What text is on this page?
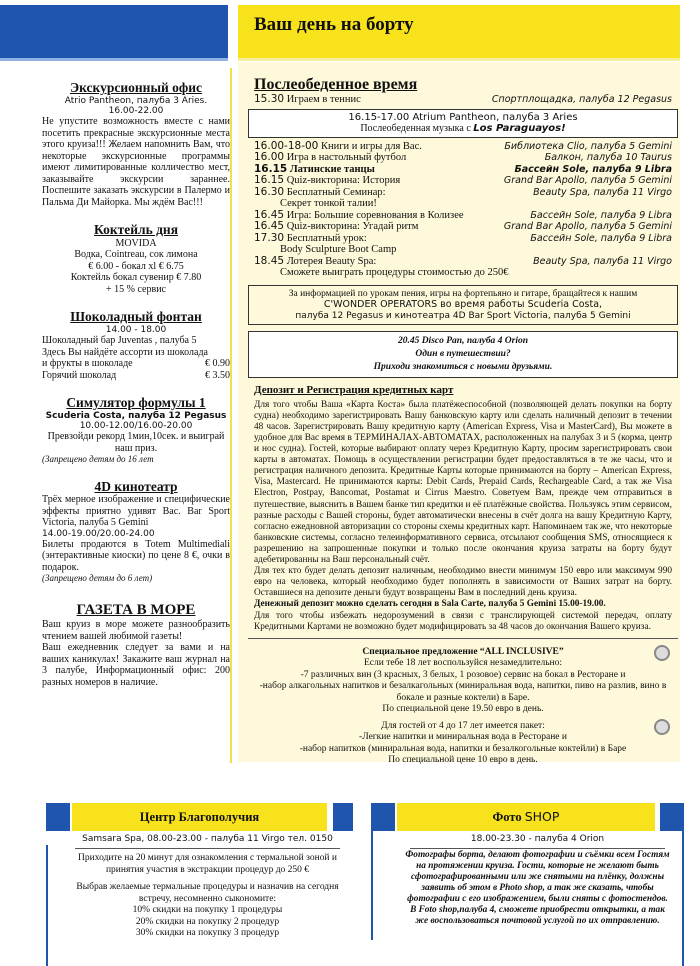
Ваш день на борту
Экскурсионный офис
Atrio Pantheon, палуба 3 Aries.
16.00-22.00
Не упустите возможность вместе с нами посетить прекрасные экскурсионные места этого круиза!!! Желаем напомнить Вам, что некоторые экскурсионные программы имеют лимитированные колличество мест, заказывайте экскурсии зараннее. Поспешите заказать экскурсии в Палермо и Пальма Ди Майорка. Мы ждём Вас!!!
Коктейль дня
MOVIDA
Водка, Cointreau, сок лимона
€ 6.00 - бокал xl € 6.75
Коктейль бокал сувенир € 7.80
+ 15 % сервис
Шоколадный фонтан
14.00 - 18.00
Шоколадный бар Juventas , палуба 5
Здесь Вы найдёте ассорти из шоколада
и фрукты в шоколаде	€ 0.90
Горячий шоколад	€ 3.50
Симулятор формулы 1
Scuderia Costa, палуба 12 Pegasus
10.00-12.00/16.00-20.00
Превзойди рекорд 1мин,10сек. и выиграй наш приз.
(Запрещено детям до 16 лет
4D кинотеатр
Трёх мерное изображение и специфические эффекты приятно удивят Вас. Bar Sport Victoria, палуба 5 Gemini
14.00-19.00/20.00-24.00
Билеты продаются в Totem Multimediali (энтерактивные киоски) по цене 8 €, очки в подарок.
(Запрещено детям до 6 лет)
ГАЗЕТА В МОРЕ
Ваш круиз в море можете разнообразить чтением вашей любимой газеты!
Ваш ежедневник следует за вами и на ваших каникулах! Закажите ваш журнал на 3 палубе, Информационный офис: 200 разных номеров в наличие.
Послеобеденное время
15.30 Играем в теннис	Спортплощадка, палуба 12 Pegasus
16.15-17.00 Atrium Pantheon, палуба 3 Aries
Послеобеденная музыка с Los Paraguayos!
16.00-18-00 Книги и игры для Вас.	Библиотека Clio, палуба 5 Gemini
16.00 Игра в настольный футбол	Балкон, палуба 10 Taurus
16.15 Латинские танцы	Бассейн Sole, палуба 9 Libra
16.15 Quiz-викторина: История	Grand Bar Apollo, палуба 5 Gemini
16.30 Бесплатный Семинар:	Beauty Spa, палуба 11 Virgo
Секрет тонкой талии!
16.45 Игра: Большие соревнования в Колизее	Бассейн Sole, палуба 9 Libra
16.45 Quiz-викторина: Угадай ритм	Grand Bar Apollo, палуба 5 Gemini
17.30 Бесплатный урок:	Бассейн Sole, палуба 9 Libra
Body Sculpture Boot Camp
18.45 Лотерея Beauty Spa:	Beauty Spa, палуба 11 Virgo
Сможете выиграть процедуры стоимостью до 250€
За информацией по урокам пения, игры на фортепьяно и гитаре, бращайтеся к нашим
C'WONDER OPERATORS во время работы Scuderia Costa,
палуба 12 Pegasus и кинотеатра 4D Bar Sport Victoria, палуба 5 Gemini
20.45 Disco Pan, палуба 4 Orion
Один в путешествии?
Приходи знакомиться с новыми друзьями.
Депозит и Регистрация кредитных карт
Для того чтобы Ваша «Карта Коста» была платёжеспособной (позволяющей делать покупки на борту судна) необходимо зарегистрировать Вашу банковскую карту или сделать наличный депозит в течении 48 часов. Зарегистрировать Вашу кредитную карту (American Express, Visa и MasterCard), Вы можете в удобное для Вас время в ТЕРМИНАЛАХ-АВТОМАТАХ, расположенных на палубах 3 и 5 (корма, центр и нос судна). Гостей, которые выбирают оплату через Кредитную Карту, просим зарегистрировать свои карты в автоматах. Помощь в осуществлении регистрации будет предоставляться в те же часы, что и регистрация наличного депозита. Кредитные Карты которые принимаются на борту – American Express, Visa, Mastercard. Не принимаются карты: Debit Cards, Prepaid Cards, Rechargeable Card, а так же Visa Electron, Postpay, Bancomat, Postamat и Cirrus Maestro. Советуем Вам, прежде чем отправиться в путешествие, выяснить в Вашем банке тип кредитки и её платёжные свойства. Пользуясь этим сервисом, разные расходы с Вашей стороны, будет автоматически внесены в счёт долга на вашу Кредитную Карту, согласно ежедновной авторизации со стороны схемы кредитных карт. Напоминаем так же, что некоторые банковские системы, согласно телеинформативного сервиса, отсылают сообщения SMS, относящиеся к разрешению на запрошенные покупки и только после окончания круиза затраты на борту будут адебетированны на Ваш персональный счёт.
Для тех кто будет делать депозит наличным, необходимо внести минимум 150 евро или максимум 990 евро на человека, который необходимо будет пополнять в зависимости от Ваших затрат на борту. Оставшиеся на депозите деньги будут возвращены Вам в последний день круиза.
Денежный депозит можно сделать сегодня в Sala Carte, палуба 5 Gemini 15.00-19.00.
Для того чтобы избежать недорозумений в связи с транслирующей системой передач, оплату Кредитными Картами не возможно будет модифицировать за 48 часов до окончания Вашего круиза.
Специальное предложение “ALL INCLUSIVE”
Если тебе 18 лет воспользуйся незамедлительно:
-7 различных вин (3 красных, 3 белых, 1 розовое) сервис на бокал в Ресторане и
-набор алкагольных напитков и безалкагольных (миниральная вода, напитки, пиво на разлив, вино в бокале и разные коктели) в Баре.
По специальной цене 19.50 евро в день.
Для гостей от 4 до 17 лет имеется пакет:
-Легкие напитки и миниральная вода в Ресторане и
-набор напитков (миниральная вода, напитки и безалкогольные коктейли) в Баре
По специальной цене 10 евро в день.
Центр Благополучия
Samsara Spa, 08.00-23.00 - палуба 11 Virgo тел. 0150
Приходите на 20 минут для ознакомления с термальной зоной и принятия участия в экстракции процедур до 250 €
Выбрав желаемые термальные процедуры и назначив на сегодня встречу, несомненно сыкономите:
10% скидки на покупку 1 процедуры
20% скидки на покупку 2 процедур
30% скидки на покупку 3 процедур
Фото SHOP
18.00-23.30 - палуба 4 Orion
Фотографы борта, делают фотографии и съёмки всем Гостям на протяжении круиза. Гости, которые не желают быть сфотографированными или же снятыми на плёнку, должны заявить об этом в Photo shop, а так же сказать, чтобы фотографии с его изображением, были сняты с фотостендов.
В Foto shop,палуба 4, сможете приобрести открытки, а так же воспользоваться почтовой услугой по их отправлению.
